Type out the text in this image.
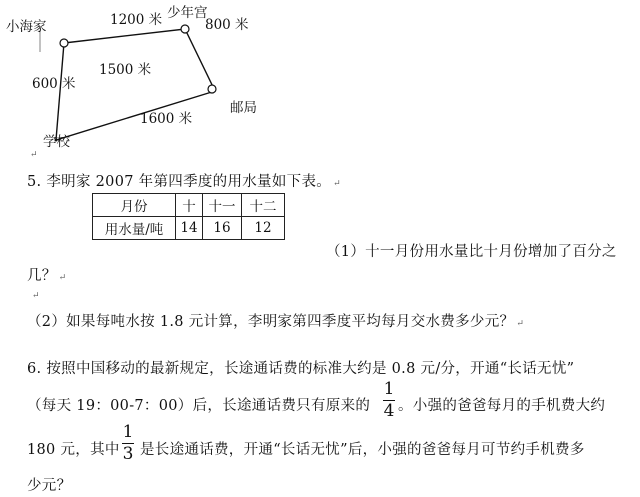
小海家
少年宫
邮局
学校
1200 米	800 米
1500 米
600 米
1600 米
↵
5. 李明家 2007 年第四季度的用水量如下表。 ↵
月份	十	十一	十二
用水量/吨	14	16	12
（1）十一月份用水量比十月份增加了百分之
几？ ↵
↵
（2）如果每吨水按 1.8 元计算，李明家第四季度平均每月交水费多少元？ ↵
6. 按照中国移动的最新规定，长途通话费的标准大约是 0.8 元/分，开通“长话无忧”
（每天 19：00-7：00）后，长途通话费只有原来的
1
4 。小强的爸爸每月的手机费大约
180 元，其中
1
3 是长途通话费，开通“长话无忧”后，小强的爸爸每月可节约手机费多
少元？
